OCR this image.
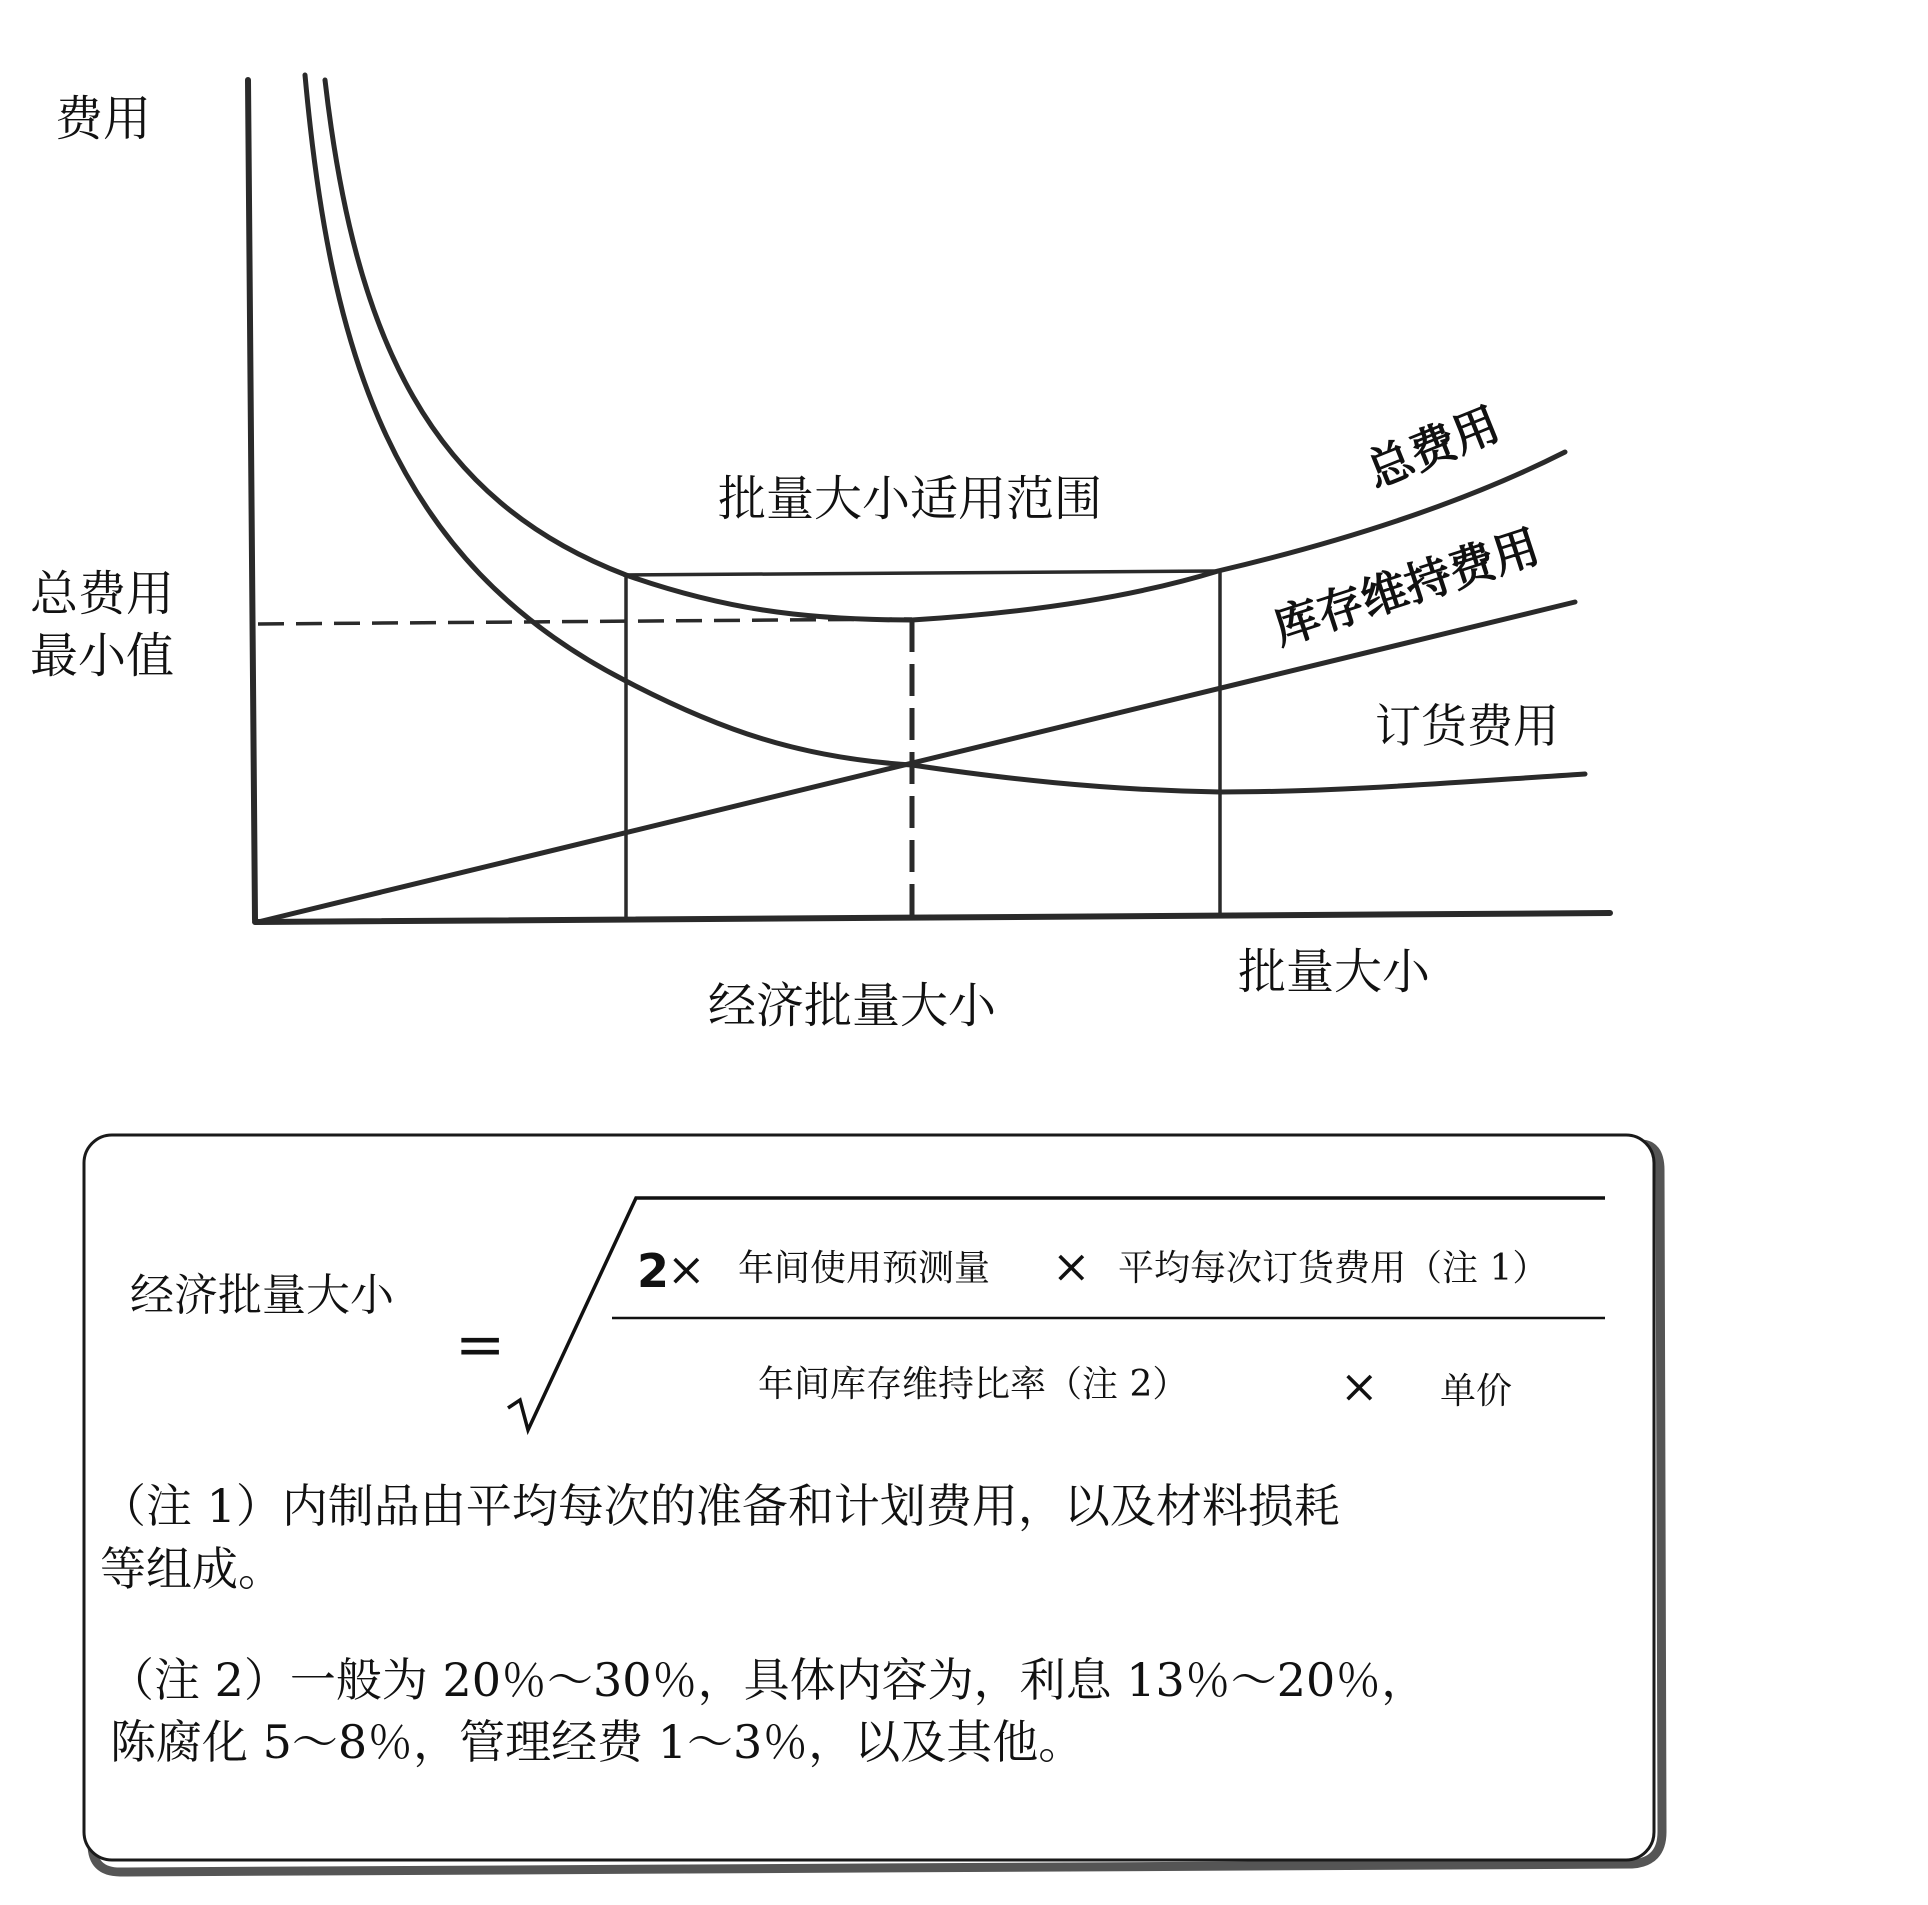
费用
总费用
最小值
批量大小适用范围
总费用
库存维持费用
订货费用
经济批量大小
批量大小
经济批量大小
=
2
× 年间使用预测量 × 平均每次订货费用（注 1）
年间库存维持比率（注 2）	× 单价
（注 1）内制品由平均每次的准备和计划费用，以及材料损耗
等组成。
（注 2）一般为 20％～30％，具体内容为，利息 13％～20％，
陈腐化 5～8％，管理经费 1～3％，以及其他。
